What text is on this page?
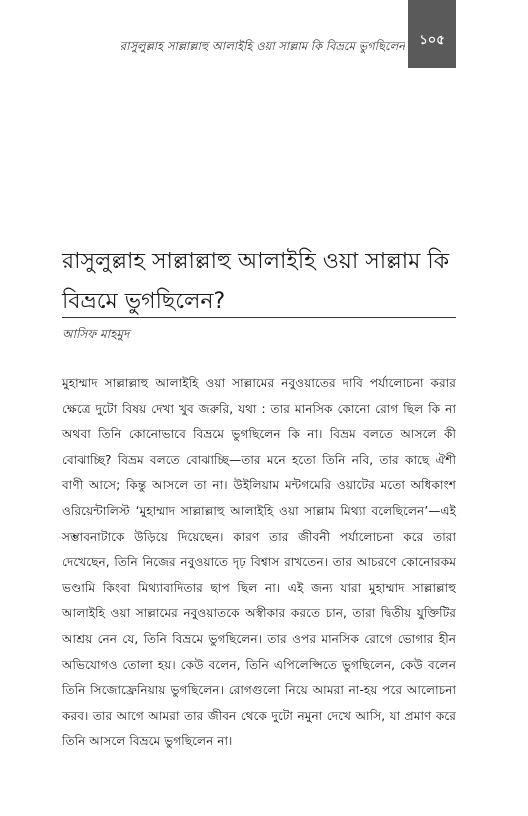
রাসুলুল্লাহ সাল্লাল্লাহু আলাইহি ওয়া সাল্লাম কি বিভ্রমে ভুগছিলেন ১০৫
রাসুলুল্লাহ সাল্লাল্লাহু আলাইহি ওয়া সাল্লাম কি বিভ্রমে ভুগছিলেন?
আসিফ মাহমুদ

মুহাম্মাদ সাল্লাল্লাহু আলাইহি ওয়া সাল্লামের নবুওয়াতের দাবি পর্যালোচনা করার ক্ষেত্রে দুটো বিষয় দেখা খুব জরুরি, যথা : তার মানসিক কোনো রোগ ছিল কি না অথবা তিনি কোনোভাবে বিভ্রমে ভুগছিলেন কি না। বিভ্রম বলতে আসলে কী বোঝাচ্ছি? বিভ্রম বলতে বোঝাচ্ছি—তার মনে হতো তিনি নবি, তার কাছে ঐশী বাণী আসে; কিন্তু আসলে তা না। উইলিয়াম মন্টগমেরি ওয়াটের মতো অধিকাংশ ওরিয়েন্টালিস্ট ‘মুহাম্মাদ সাল্লাল্লাহু আলাইহি ওয়া সাল্লাম মিথ্যা বলেছিলেন’—এই সম্ভাবনাটাকে উড়িয়ে দিয়েছেন। কারণ তার জীবনী পর্যালোচনা করে তারা দেখেছেন, তিনি নিজের নবুওয়াতে দৃঢ় বিশ্বাস রাখতেন। তার আচরণে কোনোরকম ভণ্ডামি কিংবা মিথ্যাবাদিতার ছাপ ছিল না। এই জন্য যারা মুহাম্মাদ সাল্লাল্লাহু আলাইহি ওয়া সাল্লামের নবুওয়াতকে অস্বীকার করতে চান, তারা দ্বিতীয় যুক্তিটির আশ্রয় নেন যে, তিনি বিভ্রমে ভুগছিলেন। তার ওপর মানসিক রোগে ভোগার হীন অভিযোগও তোলা হয়। কেউ বলেন, তিনি এপিলেপ্সিতে ভুগছিলেন, কেউ বলেন তিনি সিজোফ্রেনিয়ায় ভুগছিলেন। রোগগুলো নিয়ে আমরা না-হয় পরে আলোচনা করব। তার আগে আমরা তার জীবন থেকে দুটো নমুনা দেখে আসি, যা প্রমাণ করে তিনি আসলে বিভ্রমে ভুগছিলেন না।
